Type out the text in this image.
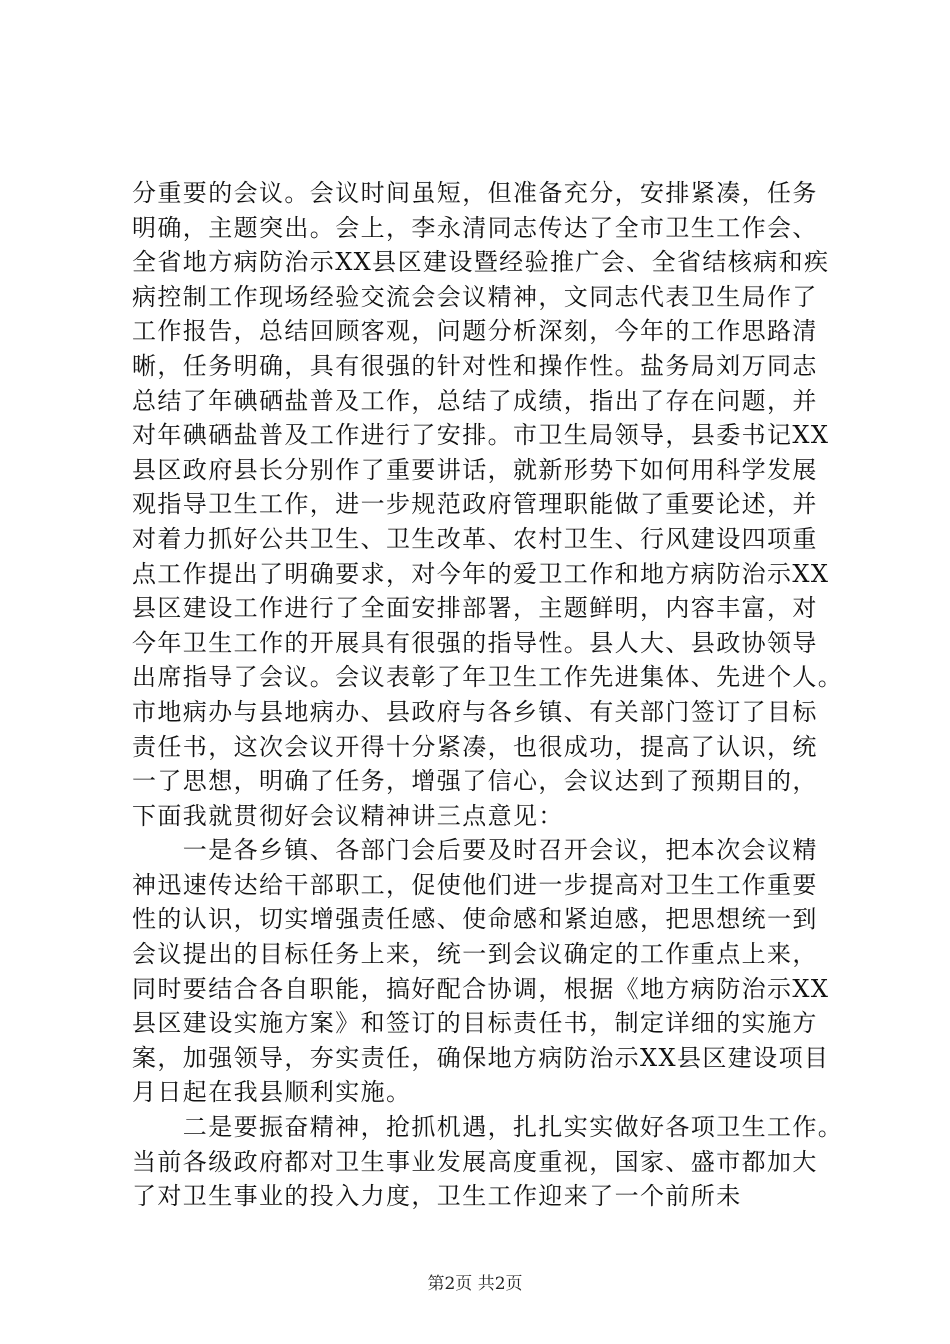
分重要的会议。会议时间虽短，但准备充分，安排紧凑，任务
明确，主题突出。会上，李永清同志传达了全市卫生工作会、
全省地方病防治示XX县区建设暨经验推广会、全省结核病和疾
病控制工作现场经验交流会会议精神，文同志代表卫生局作了
工作报告，总结回顾客观，问题分析深刻，今年的工作思路清
晰，任务明确，具有很强的针对性和操作性。盐务局刘万同志
总结了年碘硒盐普及工作，总结了成绩，指出了存在问题，并
对年碘硒盐普及工作进行了安排。市卫生局领导，县委书记XX
县区政府县长分别作了重要讲话，就新形势下如何用科学发展
观指导卫生工作，进一步规范政府管理职能做了重要论述，并
对着力抓好公共卫生、卫生改革、农村卫生、行风建设四项重
点工作提出了明确要求，对今年的爱卫工作和地方病防治示XX
县区建设工作进行了全面安排部署，主题鲜明，内容丰富，对
今年卫生工作的开展具有很强的指导性。县人大、县政协领导
出席指导了会议。会议表彰了年卫生工作先进集体、先进个人。
市地病办与县地病办、县政府与各乡镇、有关部门签订了目标
责任书，这次会议开得十分紧凑，也很成功，提高了认识，统
一了思想，明确了任务，增强了信心，会议达到了预期目的，
下面我就贯彻好会议精神讲三点意见：
　　一是各乡镇、各部门会后要及时召开会议，把本次会议精
神迅速传达给干部职工，促使他们进一步提高对卫生工作重要
性的认识，切实增强责任感、使命感和紧迫感，把思想统一到
会议提出的目标任务上来，统一到会议确定的工作重点上来，
同时要结合各自职能，搞好配合协调，根据《地方病防治示XX
县区建设实施方案》和签订的目标责任书，制定详细的实施方
案，加强领导，夯实责任，确保地方病防治示XX县区建设项目
月日起在我县顺利实施。
　　二是要振奋精神，抢抓机遇，扎扎实实做好各项卫生工作。
当前各级政府都对卫生事业发展高度重视，国家、盛市都加大
了对卫生事业的投入力度，卫生工作迎来了一个前所未
第2页 共2页
